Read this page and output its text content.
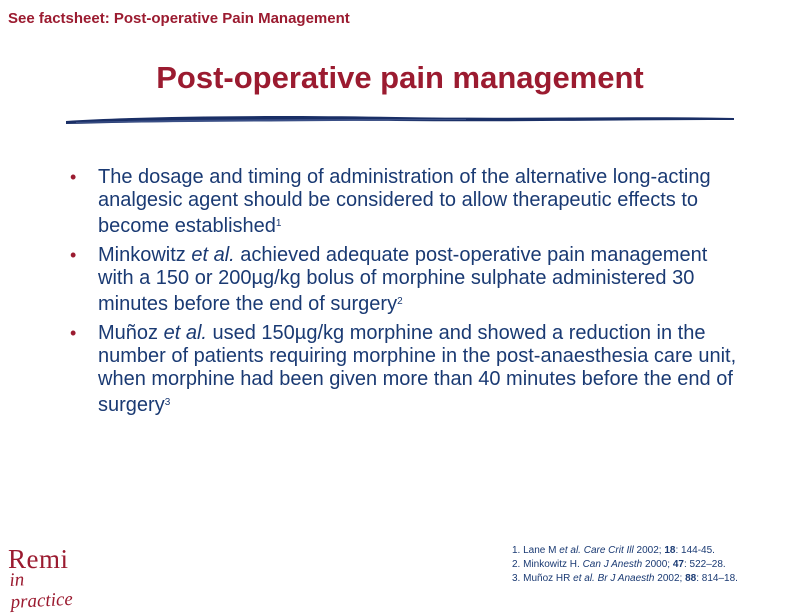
See factsheet: Post-operative Pain Management
Post-operative pain management
• The dosage and timing of administration of the alternative long-acting analgesic agent should be considered to allow therapeutic effects to become established$^1$
• Minkowitz et al. achieved adequate post-operative pain management with a 150 or 200µg/kg bolus of morphine sulphate administered 30 minutes before the end of surgery$^2$
• Muñoz et al. used 150µg/kg morphine and showed a reduction in the number of patients requiring morphine in the post-anaesthesia care unit, when morphine had been given more than 40 minutes before the end of surgery$^3$
Remi
in practice
1. Lane M et al. Care Crit Ill 2002; 18: 144-45.
2. Minkowitz H. Can J Anesth 2000; 47: 522–28.
3. Muñoz HR et al. Br J Anaesth 2002; 88: 814–18.
